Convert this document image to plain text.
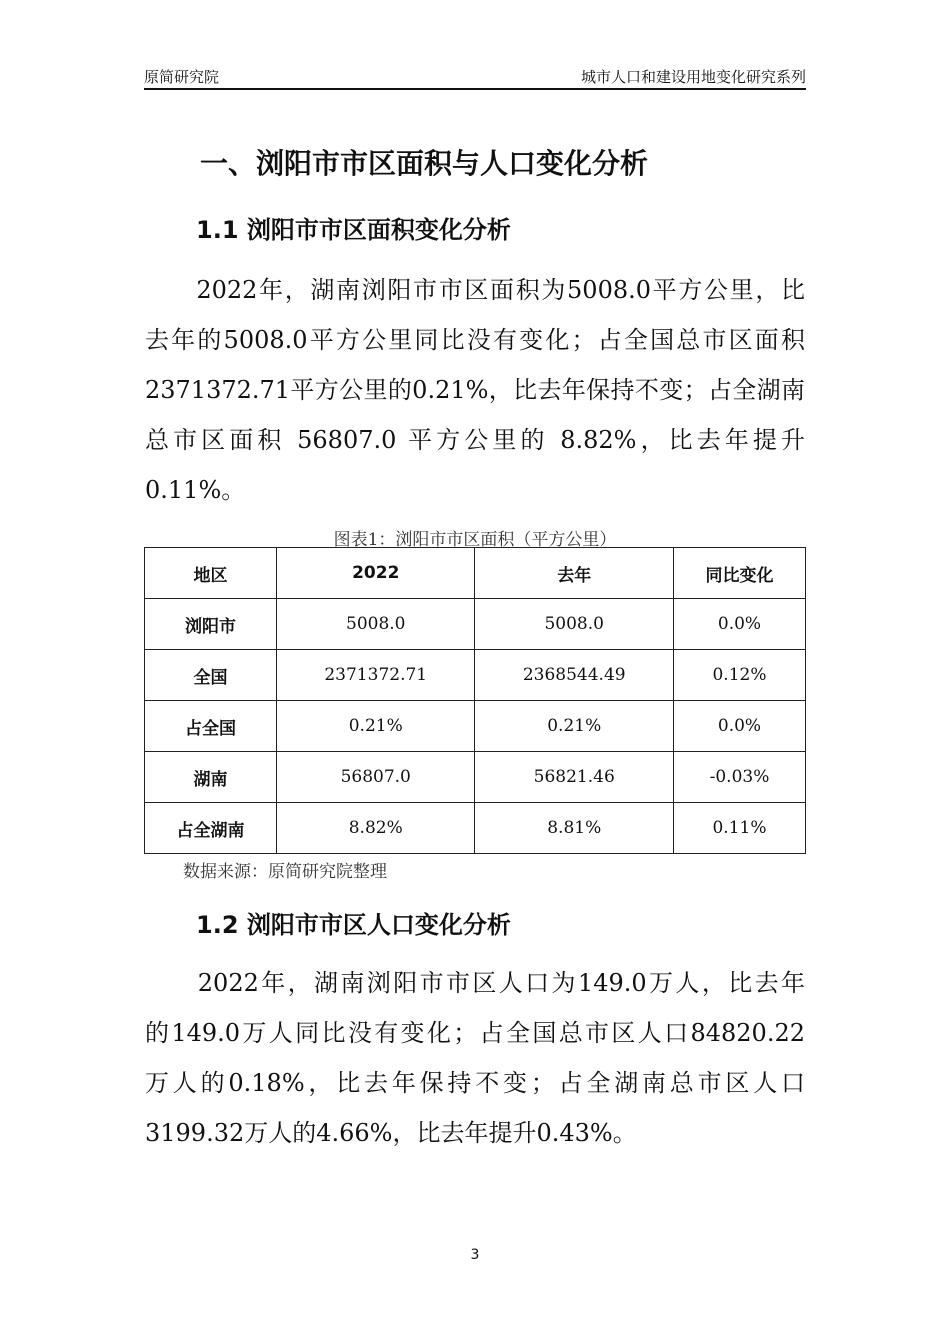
原简研究院	城市人口和建设用地变化研究系列
一、浏阳市市区面积与人口变化分析
1.1 浏阳市市区面积变化分析
　　2022年，湖南浏阳市市区面积为5008.0平方公里，比
去年的5008.0平方公里同比没有变化；占全国总市区面积
2371372.71平方公里的0.21%，比去年保持不变；占全湖南
总市区面积 56807.0 平方公里的 8.82%，比去年提升
0.11%。
图表1：浏阳市市区面积（平方公里）
地区	2022	去年	同比变化
浏阳市	5008.0	5008.0	0.0%
全国	2371372.71	2368544.49	0.12%
占全国	0.21%	0.21%	0.0%
湖南	56807.0	56821.46	-0.03%
占全湖南	8.82%	8.81%	0.11%
数据来源：原简研究院整理
1.2 浏阳市市区人口变化分析
　　2022年，湖南浏阳市市区人口为149.0万人，比去年
的149.0万人同比没有变化；占全国总市区人口84820.22
万人的0.18%，比去年保持不变；占全湖南总市区人口
3199.32万人的4.66%，比去年提升0.43%。
3
